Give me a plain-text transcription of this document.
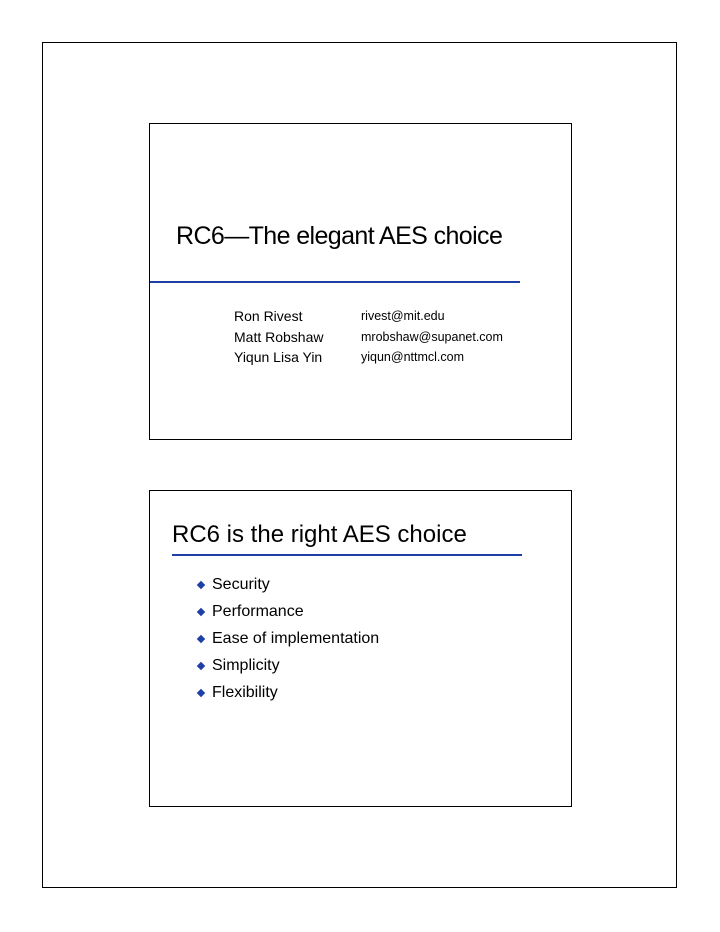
RC6—The elegant AES choice
Ron Rivest	rivest@mit.edu
Matt Robshaw	mrobshaw@supanet.com
Yiqun Lisa Yin	yiqun@nttmcl.com
RC6 is the right AES choice
Security
Performance
Ease of implementation
Simplicity
Flexibility
